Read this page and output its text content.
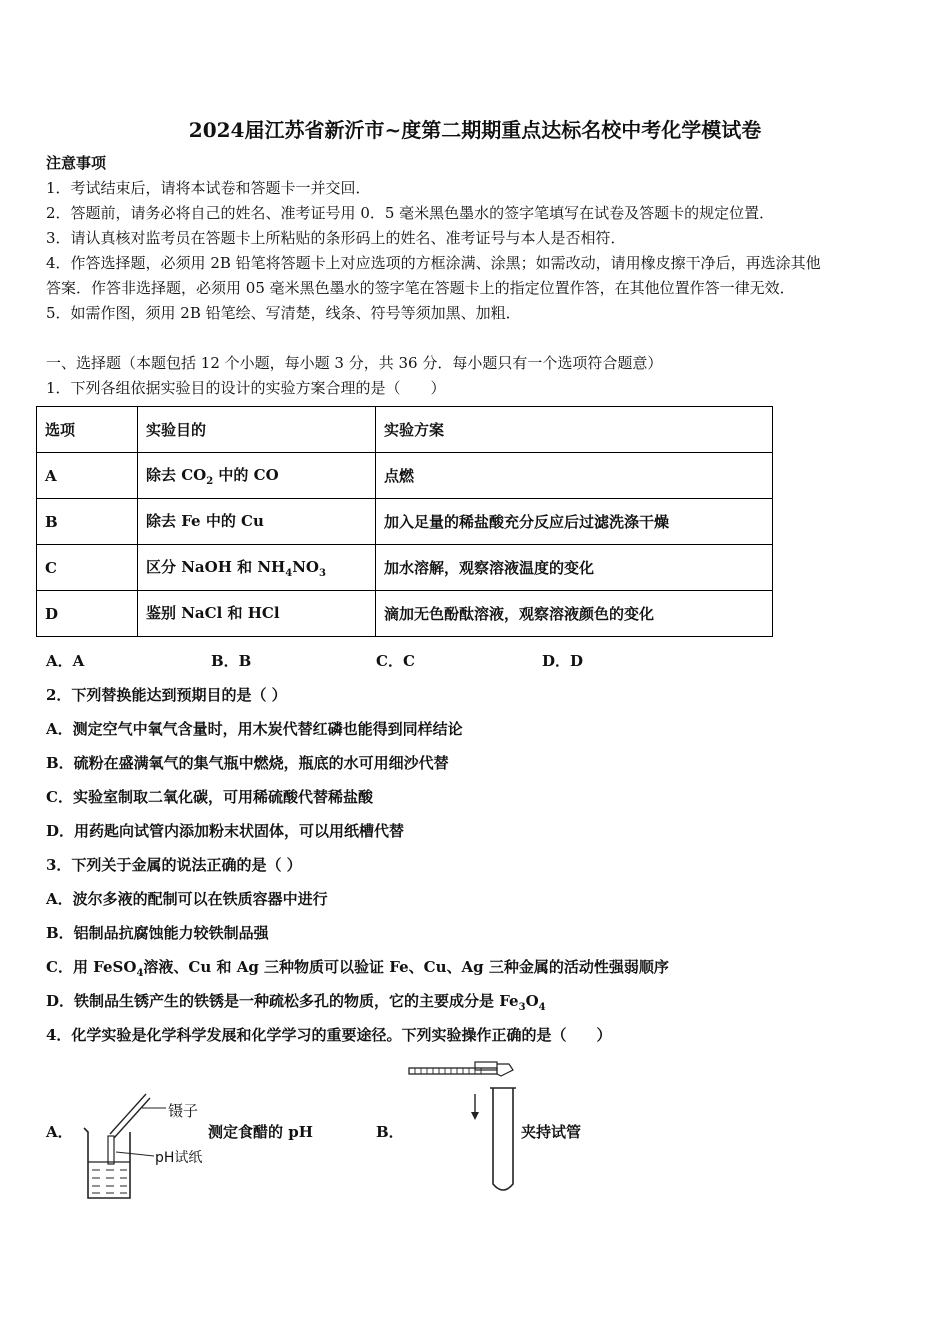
2024届江苏省新沂市~度第二期期重点达标名校中考化学模试卷
注意事项
1．考试结束后，请将本试卷和答题卡一并交回．
2．答题前，请务必将自己的姓名、准考证号用 0．5 毫米黑色墨水的签字笔填写在试卷及答题卡的规定位置．
3．请认真核对监考员在答题卡上所粘贴的条形码上的姓名、准考证号与本人是否相符．
4．作答选择题，必须用 2B 铅笔将答题卡上对应选项的方框涂满、涂黑；如需改动，请用橡皮擦干净后，再选涂其他
答案．作答非选择题，必须用 05 毫米黑色墨水的签字笔在答题卡上的指定位置作答，在其他位置作答一律无效．
5．如需作图，须用 2B 铅笔绘、写清楚，线条、符号等须加黑、加粗．
一、选择题（本题包括 12 个小题，每小题 3 分，共 36 分．每小题只有一个选项符合题意）
1．下列各组依据实验目的设计的实验方案合理的是（　　）
选项	实验目的	实验方案
A	除去 $CO_2$ 中的 CO	点燃
B	除去 Fe 中的 Cu	加入足量的稀盐酸充分反应后过滤洗涤干燥
C	区分 NaOH 和 $NH_4NO_3$	加水溶解，观察溶液温度的变化
D	鉴别 NaCl 和 HCl	滴加无色酚酞溶液，观察溶液颜色的变化
A．A	B．B	C．C	D．D
2．下列替换能达到预期目的是（ ）
A．测定空气中氧气含量时，用木炭代替红磷也能得到同样结论
B．硫粉在盛满氧气的集气瓶中燃烧，瓶底的水可用细沙代替
C．实验室制取二氧化碳，可用稀硫酸代替稀盐酸
D．用药匙向试管内添加粉末状固体，可以用纸槽代替
3．下列关于金属的说法正确的是（ ）
A．波尔多液的配制可以在铁质容器中进行
B．铝制品抗腐蚀能力较铁制品强
C．用 FeSO$_4$溶液、Cu 和 Ag 三种物质可以验证 Fe、Cu、Ag 三种金属的活动性强弱顺序
D．铁制品生锈产生的铁锈是一种疏松多孔的物质，它的主要成分是 $Fe_3O_4$
4．化学实验是化学科学发展和化学学习的重要途径。下列实验操作正确的是（　　）
A．
镊子
pH试纸
测定食醋的 pH	B．	夹持试管
